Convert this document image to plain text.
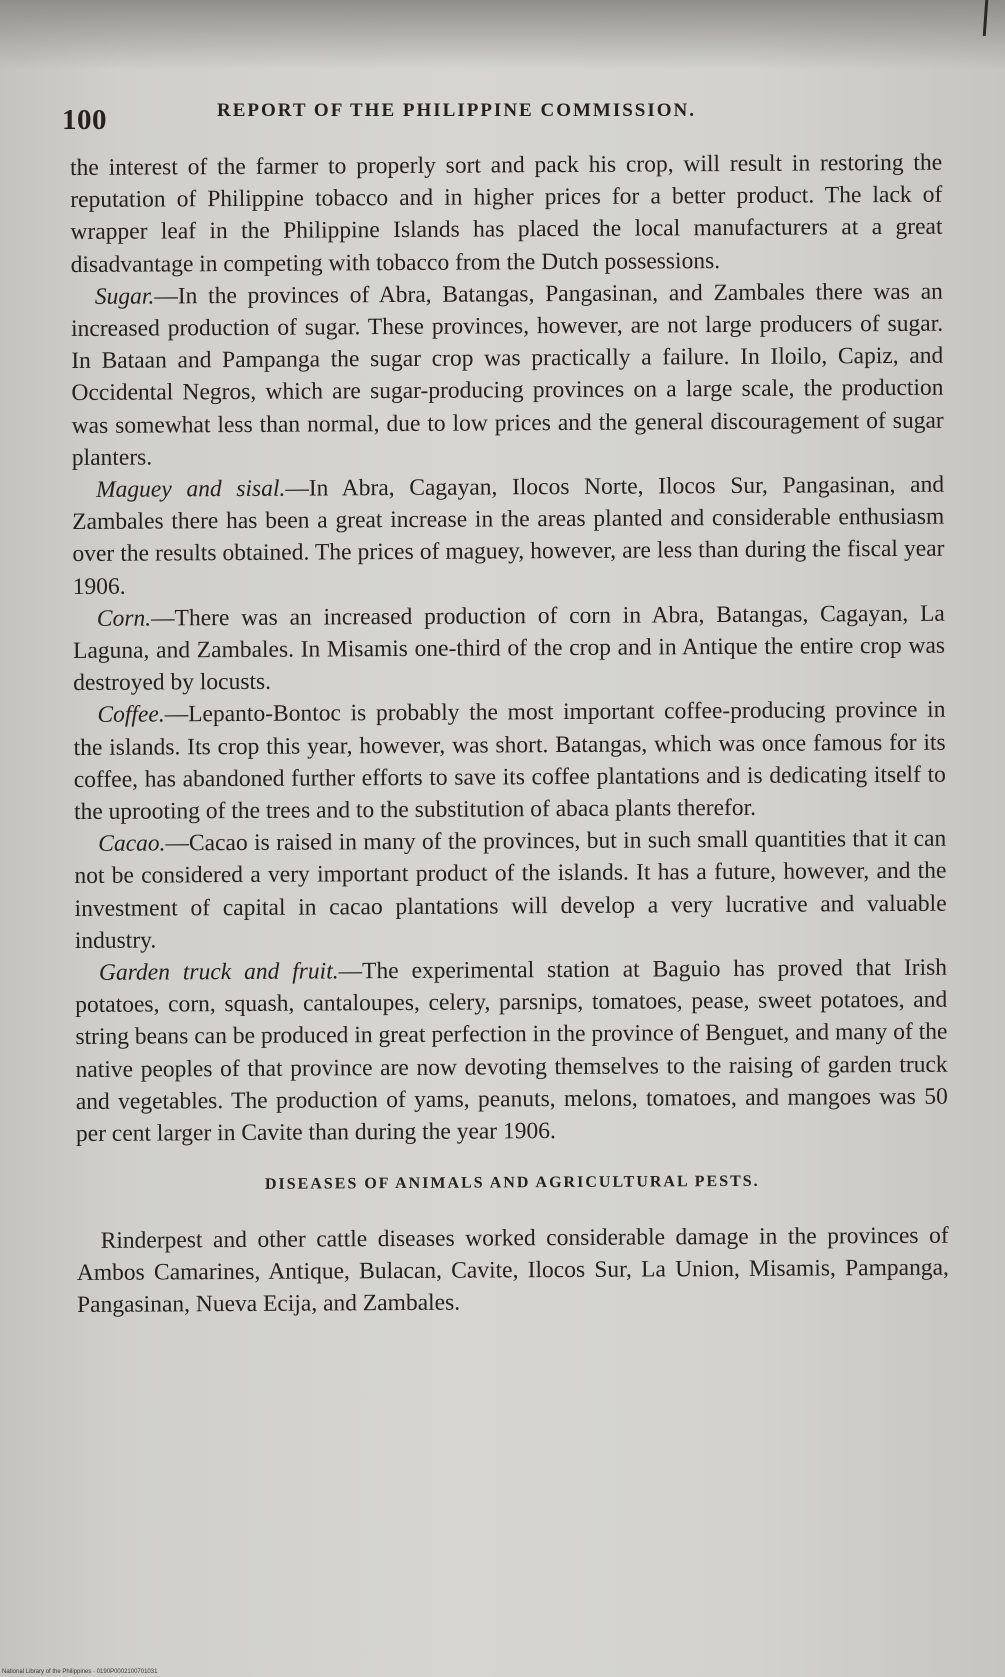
100	REPORT OF THE PHILIPPINE COMMISSION.

the interest of the farmer to properly sort and pack his crop, will result in restoring the reputation of Philippine tobacco and in higher prices for a better product. The lack of wrapper leaf in the Philippine Islands has placed the local manufacturers at a great disadvantage in competing with tobacco from the Dutch possessions.

Sugar.—In the provinces of Abra, Batangas, Pangasinan, and Zambales there was an increased production of sugar. These provinces, however, are not large producers of sugar. In Bataan and Pampanga the sugar crop was practically a failure. In Iloilo, Capiz, and Occidental Negros, which are sugar-producing provinces on a large scale, the production was somewhat less than normal, due to low prices and the general discouragement of sugar planters.

Maguey and sisal.—In Abra, Cagayan, Ilocos Norte, Ilocos Sur, Pangasinan, and Zambales there has been a great increase in the areas planted and considerable enthusiasm over the results obtained. The prices of maguey, however, are less than during the fiscal year 1906.

Corn.—There was an increased production of corn in Abra, Batangas, Cagayan, La Laguna, and Zambales. In Misamis one-third of the crop and in Antique the entire crop was destroyed by locusts.

Coffee.—Lepanto-Bontoc is probably the most important coffee-producing province in the islands. Its crop this year, however, was short. Batangas, which was once famous for its coffee, has abandoned further efforts to save its coffee plantations and is dedicating itself to the uprooting of the trees and to the substitution of abaca plants therefor.

Cacao.—Cacao is raised in many of the provinces, but in such small quantities that it can not be considered a very important product of the islands. It has a future, however, and the investment of capital in cacao plantations will develop a very lucrative and valuable industry.

Garden truck and fruit.—The experimental station at Baguio has proved that Irish potatoes, corn, squash, cantaloupes, celery, parsnips, tomatoes, pease, sweet potatoes, and string beans can be produced in great perfection in the province of Benguet, and many of the native peoples of that province are now devoting themselves to the raising of garden truck and vegetables. The production of yams, peanuts, melons, tomatoes, and mangoes was 50 per cent larger in Cavite than during the year 1906.

DISEASES OF ANIMALS AND AGRICULTURAL PESTS.

Rinderpest and other cattle diseases worked considerable damage in the provinces of Ambos Camarines, Antique, Bulacan, Cavite, Ilocos Sur, La Union, Misamis, Pampanga, Pangasinan, Nueva Ecija, and Zambales.

National Library of the Philippines · 0190P0002100701031
